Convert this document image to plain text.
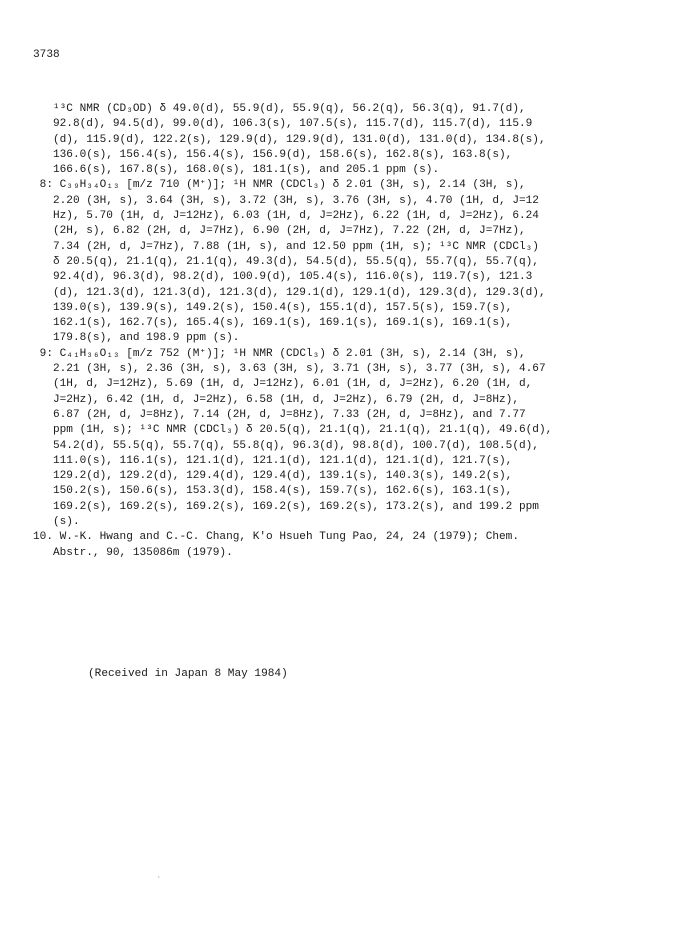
3738
¹³C NMR (CD₃OD) δ 49.0(d), 55.9(d), 55.9(q), 56.2(q), 56.3(q), 91.7(d),
92.8(d), 94.5(d), 99.0(d), 106.3(s), 107.5(s), 115.7(d), 115.7(d), 115.9
(d), 115.9(d), 122.2(s), 129.9(d), 129.9(d), 131.0(d), 131.0(d), 134.8(s),
136.0(s), 156.4(s), 156.4(s), 156.9(d), 158.6(s), 162.8(s), 163.8(s),
166.6(s), 167.8(s), 168.0(s), 181.1(s), and 205.1 ppm (s).
8: C₃₉H₃₄O₁₃ [m/z 710 (M⁺)]; ¹H NMR (CDCl₃) δ 2.01 (3H, s), 2.14 (3H, s),
2.20 (3H, s), 3.64 (3H, s), 3.72 (3H, s), 3.76 (3H, s), 4.70 (1H, d, J=12
Hz), 5.70 (1H, d, J=12Hz), 6.03 (1H, d, J=2Hz), 6.22 (1H, d, J=2Hz), 6.24
(2H, s), 6.82 (2H, d, J=7Hz), 6.90 (2H, d, J=7Hz), 7.22 (2H, d, J=7Hz),
7.34 (2H, d, J=7Hz), 7.88 (1H, s), and 12.50 ppm (1H, s); ¹³C NMR (CDCl₃)
δ 20.5(q), 21.1(q), 21.1(q), 49.3(d), 54.5(d), 55.5(q), 55.7(q), 55.7(q),
92.4(d), 96.3(d), 98.2(d), 100.9(d), 105.4(s), 116.0(s), 119.7(s), 121.3
(d), 121.3(d), 121.3(d), 121.3(d), 129.1(d), 129.1(d), 129.3(d), 129.3(d),
139.0(s), 139.9(s), 149.2(s), 150.4(s), 155.1(d), 157.5(s), 159.7(s),
162.1(s), 162.7(s), 165.4(s), 169.1(s), 169.1(s), 169.1(s), 169.1(s),
179.8(s), and 198.9 ppm (s).
9: C₄₁H₃₆O₁₃ [m/z 752 (M⁺)]; ¹H NMR (CDCl₃) δ 2.01 (3H, s), 2.14 (3H, s),
2.21 (3H, s), 2.36 (3H, s), 3.63 (3H, s), 3.71 (3H, s), 3.77 (3H, s), 4.67
(1H, d, J=12Hz), 5.69 (1H, d, J=12Hz), 6.01 (1H, d, J=2Hz), 6.20 (1H, d,
J=2Hz), 6.42 (1H, d, J=2Hz), 6.58 (1H, d, J=2Hz), 6.79 (2H, d, J=8Hz),
6.87 (2H, d, J=8Hz), 7.14 (2H, d, J=8Hz), 7.33 (2H, d, J=8Hz), and 7.77
ppm (1H, s); ¹³C NMR (CDCl₃) δ 20.5(q), 21.1(q), 21.1(q), 21.1(q), 49.6(d),
54.2(d), 55.5(q), 55.7(q), 55.8(q), 96.3(d), 98.8(d), 100.7(d), 108.5(d),
111.0(s), 116.1(s), 121.1(d), 121.1(d), 121.1(d), 121.1(d), 121.7(s),
129.2(d), 129.2(d), 129.4(d), 129.4(d), 139.1(s), 140.3(s), 149.2(s),
150.2(s), 150.6(s), 153.3(d), 158.4(s), 159.7(s), 162.6(s), 163.1(s),
169.2(s), 169.2(s), 169.2(s), 169.2(s), 169.2(s), 173.2(s), and 199.2 ppm
(s).
10. W.-K. Hwang and C.-C. Chang, K'o Hsueh Tung Pao, 24, 24 (1979); Chem.
Abstr., 90, 135086m (1979).
(Received in Japan 8 May 1984)
·
